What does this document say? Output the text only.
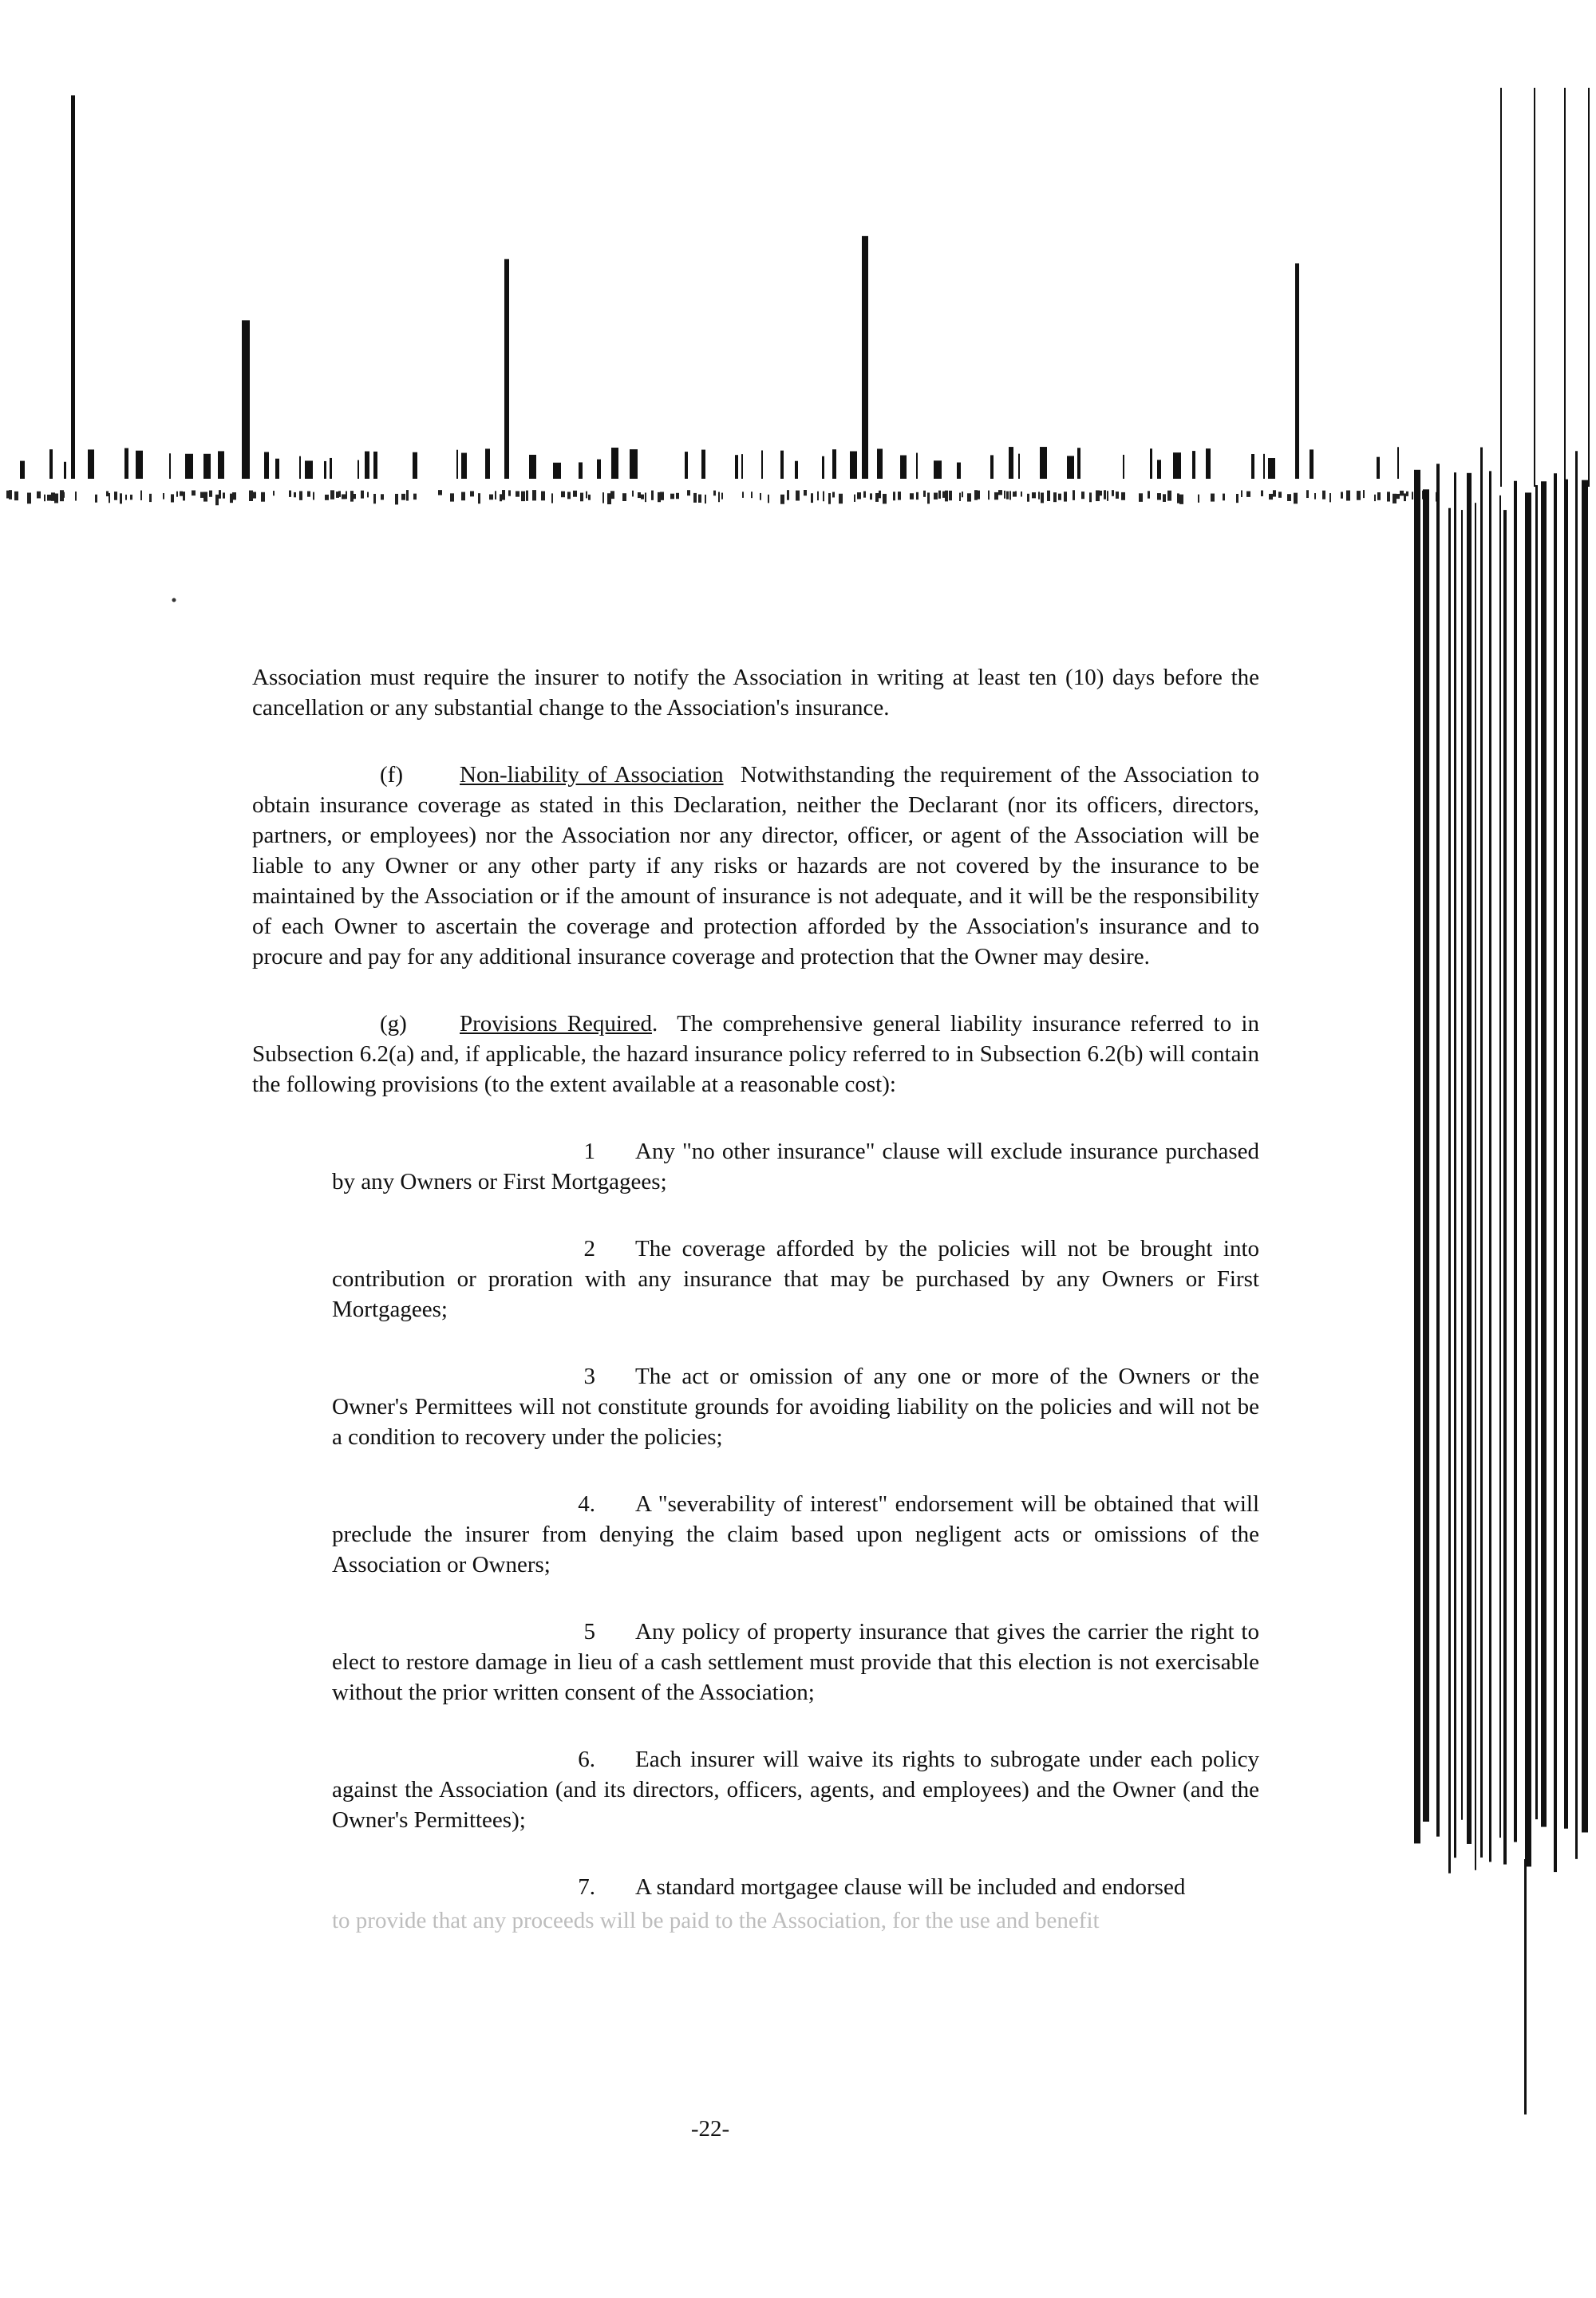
Association must require the insurer to notify the Association in writing at least ten (10) days before the cancellation or any substantial change to the Association's insurance.

(f) Non-liability of Association Notwithstanding the requirement of the Association to obtain insurance coverage as stated in this Declaration, neither the Declarant (nor its officers, directors, partners, or employees) nor the Association nor any director, officer, or agent of the Association will be liable to any Owner or any other party if any risks or hazards are not covered by the insurance to be maintained by the Association or if the amount of insurance is not adequate, and it will be the responsibility of each Owner to ascertain the coverage and protection afforded by the Association's insurance and to procure and pay for any additional insurance coverage and protection that the Owner may desire.

(g) Provisions Required.  The comprehensive general liability insurance referred to in Subsection 6.2(a) and, if applicable, the hazard insurance policy referred to in Subsection 6.2(b) will contain the following provisions (to the extent available at a reasonable cost):

1 Any "no other insurance" clause will exclude insurance purchased by any Owners or First Mortgagees;

2 The coverage afforded by the policies will not be brought into contribution or proration with any insurance that may be purchased by any Owners or First Mortgagees;

3 The act or omission of any one or more of the Owners or the Owner's Permittees will not constitute grounds for avoiding liability on the policies and will not be a condition to recovery under the policies;

4. A "severability of interest" endorsement will be obtained that will preclude the insurer from denying the claim based upon negligent acts or omissions of the Association or Owners;

5 Any policy of property insurance that gives the carrier the right to elect to restore damage in lieu of a cash settlement must provide that this election is not exercisable without the prior written consent of the Association;

6. Each insurer will waive its rights to subrogate under each policy against the Association (and its directors, officers, agents, and employees) and the Owner (and the Owner's Permittees);

7. A standard mortgagee clause will be included and endorsed

to provide that any proceeds will be paid to the Association, for the use and benefit

-22-
